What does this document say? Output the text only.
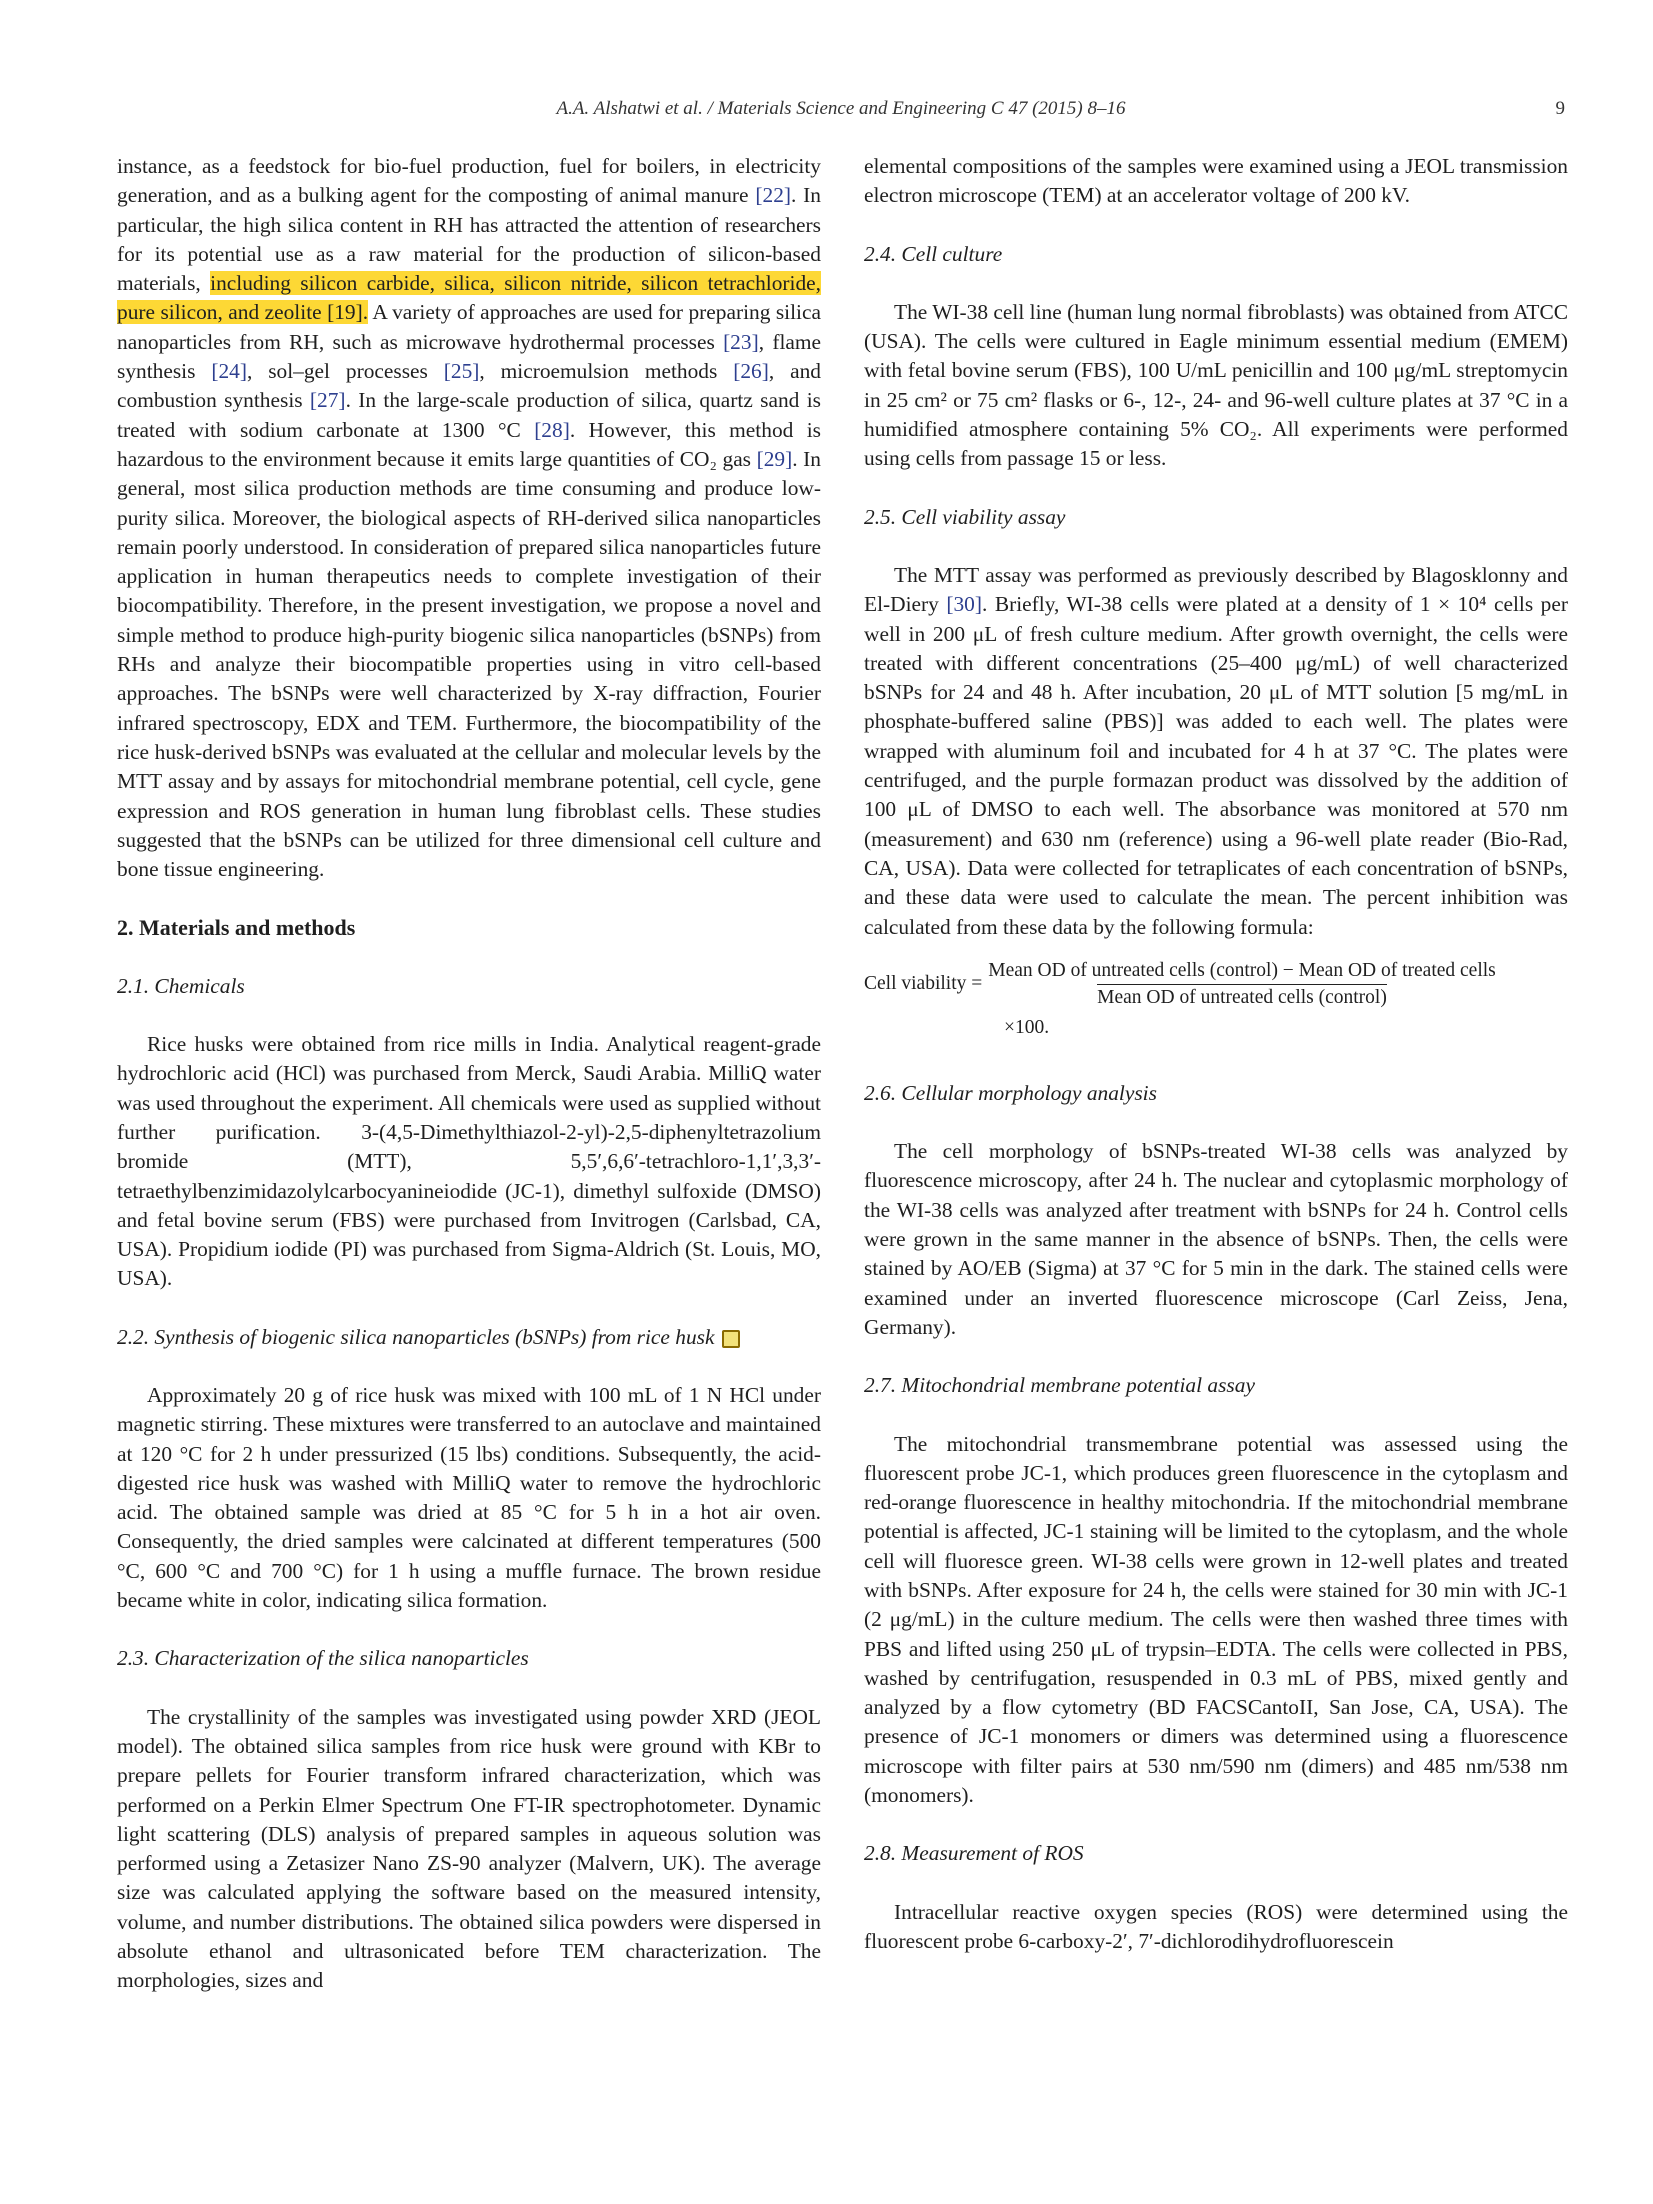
A.A. Alshatwi et al. / Materials Science and Engineering C 47 (2015) 8–16	9

instance, as a feedstock for bio-fuel production, fuel for boilers, in electricity generation, and as a bulking agent for the composting of animal manure [22]. In particular, the high silica content in RH has attracted the attention of researchers for its potential use as a raw material for the production of silicon-based materials, including silicon carbide, silica, silicon nitride, silicon tetrachloride, pure silicon, and zeolite [19]. A variety of approaches are used for preparing silica nanoparticles from RH, such as microwave hydrothermal processes [23], flame synthesis [24], sol–gel processes [25], microemulsion methods [26], and combustion synthesis [27]. In the large-scale production of silica, quartz sand is treated with sodium carbonate at 1300 °C [28]. However, this method is hazardous to the environment because it emits large quantities of CO₂ gas [29]. In general, most silica production methods are time consuming and produce low-purity silica. Moreover, the biological aspects of RH-derived silica nanoparticles remain poorly understood. In consideration of prepared silica nanoparticles future application in human therapeutics needs to complete investigation of their biocompatibility. Therefore, in the present investigation, we propose a novel and simple method to produce high-purity biogenic silica nanoparticles (bSNPs) from RHs and analyze their biocompatible properties using in vitro cell-based approaches. The bSNPs were well characterized by X-ray diffraction, Fourier infrared spectroscopy, EDX and TEM. Furthermore, the biocompatibility of the rice husk-derived bSNPs was evaluated at the cellular and molecular levels by the MTT assay and by assays for mitochondrial membrane potential, cell cycle, gene expression and ROS generation in human lung fibroblast cells. These studies suggested that the bSNPs can be utilized for three dimensional cell culture and bone tissue engineering.

2. Materials and methods
2.1. Chemicals

Rice husks were obtained from rice mills in India. Analytical reagent-grade hydrochloric acid (HCl) was purchased from Merck, Saudi Arabia. MilliQ water was used throughout the experiment. All chemicals were used as supplied without further purification. 3-(4,5-Dimethylthiazol-2-yl)-2,5-diphenyltetrazolium bromide (MTT), 5,5′,6,6′-tetrachloro-1,1′,3,3′-tetraethylbenzimidazolylcarbocyanineiodide (JC-1), dimethyl sulfoxide (DMSO) and fetal bovine serum (FBS) were purchased from Invitrogen (Carlsbad, CA, USA). Propidium iodide (PI) was purchased from Sigma-Aldrich (St. Louis, MO, USA).

2.2. Synthesis of biogenic silica nanoparticles (bSNPs) from rice husk

Approximately 20 g of rice husk was mixed with 100 mL of 1 N HCl under magnetic stirring. These mixtures were transferred to an autoclave and maintained at 120 °C for 2 h under pressurized (15 lbs) conditions. Subsequently, the acid-digested rice husk was washed with MilliQ water to remove the hydrochloric acid. The obtained sample was dried at 85 °C for 5 h in a hot air oven. Consequently, the dried samples were calcinated at different temperatures (500 °C, 600 °C and 700 °C) for 1 h using a muffle furnace. The brown residue became white in color, indicating silica formation.

2.3. Characterization of the silica nanoparticles

The crystallinity of the samples was investigated using powder XRD (JEOL model). The obtained silica samples from rice husk were ground with KBr to prepare pellets for Fourier transform infrared characterization, which was performed on a Perkin Elmer Spectrum One FT-IR spectrophotometer. Dynamic light scattering (DLS) analysis of prepared samples in aqueous solution was performed using a Zetasizer Nano ZS-90 analyzer (Malvern, UK). The average size was calculated applying the software based on the measured intensity, volume, and number distributions. The obtained silica powders were dispersed in absolute ethanol and ultrasonicated before TEM characterization. The morphologies, sizes and

elemental compositions of the samples were examined using a JEOL transmission electron microscope (TEM) at an accelerator voltage of 200 kV.

2.4. Cell culture

The WI-38 cell line (human lung normal fibroblasts) was obtained from ATCC (USA). The cells were cultured in Eagle minimum essential medium (EMEM) with fetal bovine serum (FBS), 100 U/mL penicillin and 100 μg/mL streptomycin in 25 cm² or 75 cm² flasks or 6-, 12-, 24- and 96-well culture plates at 37 °C in a humidified atmosphere containing 5% CO₂. All experiments were performed using cells from passage 15 or less.

2.5. Cell viability assay

The MTT assay was performed as previously described by Blagosklonny and El-Diery [30]. Briefly, WI-38 cells were plated at a density of 1 × 10⁴ cells per well in 200 μL of fresh culture medium. After growth overnight, the cells were treated with different concentrations (25–400 μg/mL) of well characterized bSNPs for 24 and 48 h. After incubation, 20 μL of MTT solution [5 mg/mL in phosphate-buffered saline (PBS)] was added to each well. The plates were wrapped with aluminum foil and incubated for 4 h at 37 °C. The plates were centrifuged, and the purple formazan product was dissolved by the addition of 100 μL of DMSO to each well. The absorbance was monitored at 570 nm (measurement) and 630 nm (reference) using a 96-well plate reader (Bio-Rad, CA, USA). Data were collected for tetraplicates of each concentration of bSNPs, and these data were used to calculate the mean. The percent inhibition was calculated from these data by the following formula:

Cell viability =
Mean OD of untreated cells (control) − Mean OD of treated cells
Mean OD of untreated cells (control)
×100.
2.6. Cellular morphology analysis

The cell morphology of bSNPs-treated WI-38 cells was analyzed by fluorescence microscopy, after 24 h. The nuclear and cytoplasmic morphology of the WI-38 cells was analyzed after treatment with bSNPs for 24 h. Control cells were grown in the same manner in the absence of bSNPs. Then, the cells were stained by AO/EB (Sigma) at 37 °C for 5 min in the dark. The stained cells were examined under an inverted fluorescence microscope (Carl Zeiss, Jena, Germany).

2.7. Mitochondrial membrane potential assay

The mitochondrial transmembrane potential was assessed using the fluorescent probe JC-1, which produces green fluorescence in the cytoplasm and red-orange fluorescence in healthy mitochondria. If the mitochondrial membrane potential is affected, JC-1 staining will be limited to the cytoplasm, and the whole cell will fluoresce green. WI-38 cells were grown in 12-well plates and treated with bSNPs. After exposure for 24 h, the cells were stained for 30 min with JC-1 (2 μg/mL) in the culture medium. The cells were then washed three times with PBS and lifted using 250 μL of trypsin–EDTA. The cells were collected in PBS, washed by centrifugation, resuspended in 0.3 mL of PBS, mixed gently and analyzed by a flow cytometry (BD FACSCantoII, San Jose, CA, USA). The presence of JC-1 monomers or dimers was determined using a fluorescence microscope with filter pairs at 530 nm/590 nm (dimers) and 485 nm/538 nm (monomers).

2.8. Measurement of ROS

Intracellular reactive oxygen species (ROS) were determined using the fluorescent probe 6-carboxy-2′, 7′-dichlorodihydrofluorescein
